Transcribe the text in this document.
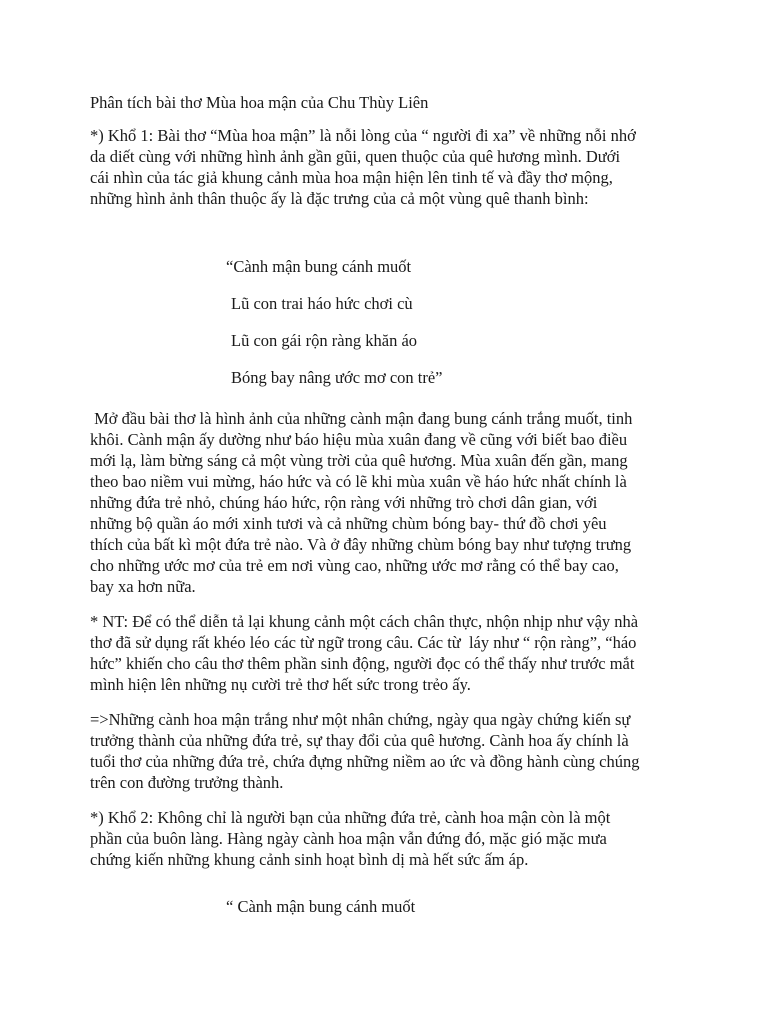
Phân tích bài thơ Mùa hoa mận của Chu Thùy Liên

*) Khổ 1: Bài thơ “Mùa hoa mận” là nỗi lòng của “ người đi xa” về những nỗi nhớ

da diết cùng với những hình ảnh gần gũi, quen thuộc của quê hương mình. Dưới

cái nhìn của tác giả khung cảnh mùa hoa mận hiện lên tinh tế và đầy thơ mộng,

những hình ảnh thân thuộc ấy là đặc trưng của cả một vùng quê thanh bình:

“Cành mận bung cánh muốt
Lũ con trai háo hức chơi cù
Lũ con gái rộn ràng khăn áo
Bóng bay nâng ước mơ con trẻ”

Mở đầu bài thơ là hình ảnh của những cành mận đang bung cánh trắng muốt, tinh

khôi. Cành mận ấy dường như báo hiệu mùa xuân đang về cũng với biết bao điều

mới lạ, làm bừng sáng cả một vùng trời của quê hương. Mùa xuân đến gần, mang

theo bao niềm vui mừng, háo hức và có lẽ khi mùa xuân về háo hức nhất chính là

những đứa trẻ nhỏ, chúng háo hức, rộn ràng với những trò chơi dân gian, với

những bộ quần áo mới xinh tươi và cả những chùm bóng bay- thứ đồ chơi yêu

thích của bất kì một đứa trẻ nào. Và ở đây những chùm bóng bay như tượng trưng

cho những ước mơ của trẻ em nơi vùng cao, những ước mơ rằng có thể bay cao,

bay xa hơn nữa.

* NT: Để có thể diễn tả lại khung cảnh một cách chân thực, nhộn nhịp như vậy nhà

thơ đã sử dụng rất khéo léo các từ ngữ trong câu. Các từ  láy như “ rộn ràng”, “háo

hức” khiến cho câu thơ thêm phần sinh động, người đọc có thể thấy như trước mắt

mình hiện lên những nụ cười trẻ thơ hết sức trong trẻo ấy.

=>Những cành hoa mận trắng như một nhân chứng, ngày qua ngày chứng kiến sự

trưởng thành của những đứa trẻ, sự thay đổi của quê hương. Cành hoa ấy chính là

tuổi thơ của những đứa trẻ, chứa đựng những niềm ao ức và đồng hành cùng chúng

trên con đường trưởng thành.

*) Khổ 2: Không chỉ là người bạn của những đứa trẻ, cành hoa mận còn là một

phần của buôn làng. Hàng ngày cành hoa mận vẫn đứng đó, mặc gió mặc mưa

chứng kiến những khung cảnh sinh hoạt bình dị mà hết sức ấm áp.

“ Cành mận bung cánh muốt
